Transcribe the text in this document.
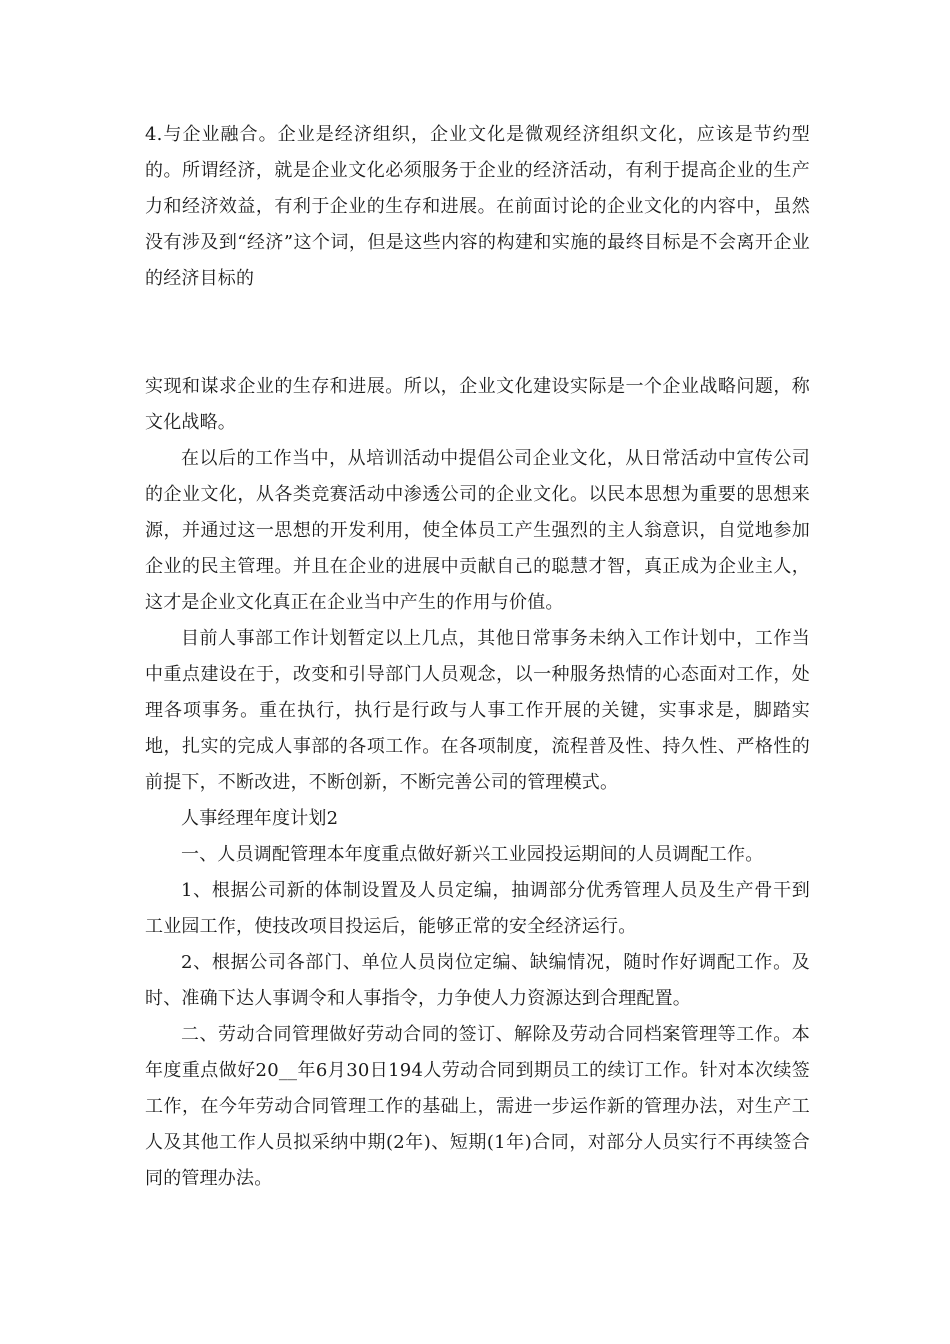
4.与企业融合。企业是经济组织，企业文化是微观经济组织文化，应该是节约型的。所谓经济，就是企业文化必须服务于企业的经济活动，有利于提高企业的生产力和经济效益，有利于企业的生存和进展。在前面讨论的企业文化的内容中，虽然没有涉及到“经济”这个词，但是这些内容的构建和实施的最终目标是不会离开企业的经济目标的

实现和谋求企业的生存和进展。所以，企业文化建设实际是一个企业战略问题，称文化战略。

在以后的工作当中，从培训活动中提倡公司企业文化，从日常活动中宣传公司的企业文化，从各类竞赛活动中渗透公司的企业文化。以民本思想为重要的思想来源，并通过这一思想的开发利用，使全体员工产生强烈的主人翁意识，自觉地参加企业的民主管理。并且在企业的进展中贡献自己的聪慧才智，真正成为企业主人，这才是企业文化真正在企业当中产生的作用与价值。

目前人事部工作计划暂定以上几点，其他日常事务未纳入工作计划中，工作当中重点建设在于，改变和引导部门人员观念，以一种服务热情的心态面对工作，处理各项事务。重在执行，执行是行政与人事工作开展的关键，实事求是，脚踏实地，扎实的完成人事部的各项工作。在各项制度，流程普及性、持久性、严格性的前提下，不断改进，不断创新，不断完善公司的管理模式。

人事经理年度计划2

一、人员调配管理本年度重点做好新兴工业园投运期间的人员调配工作。

1、根据公司新的体制设置及人员定编，抽调部分优秀管理人员及生产骨干到工业园工作，使技改项目投运后，能够正常的安全经济运行。

2、根据公司各部门、单位人员岗位定编、缺编情况，随时作好调配工作。及时、准确下达人事调令和人事指令，力争使人力资源达到合理配置。

二、劳动合同管理做好劳动合同的签订、解除及劳动合同档案管理等工作。本年度重点做好20__年6月30日194人劳动合同到期员工的续订工作。针对本次续签工作，在今年劳动合同管理工作的基础上，需进一步运作新的管理办法，对生产工人及其他工作人员拟采纳中期(2年)、短期(1年)合同，对部分人员实行不再续签合同的管理办法。
